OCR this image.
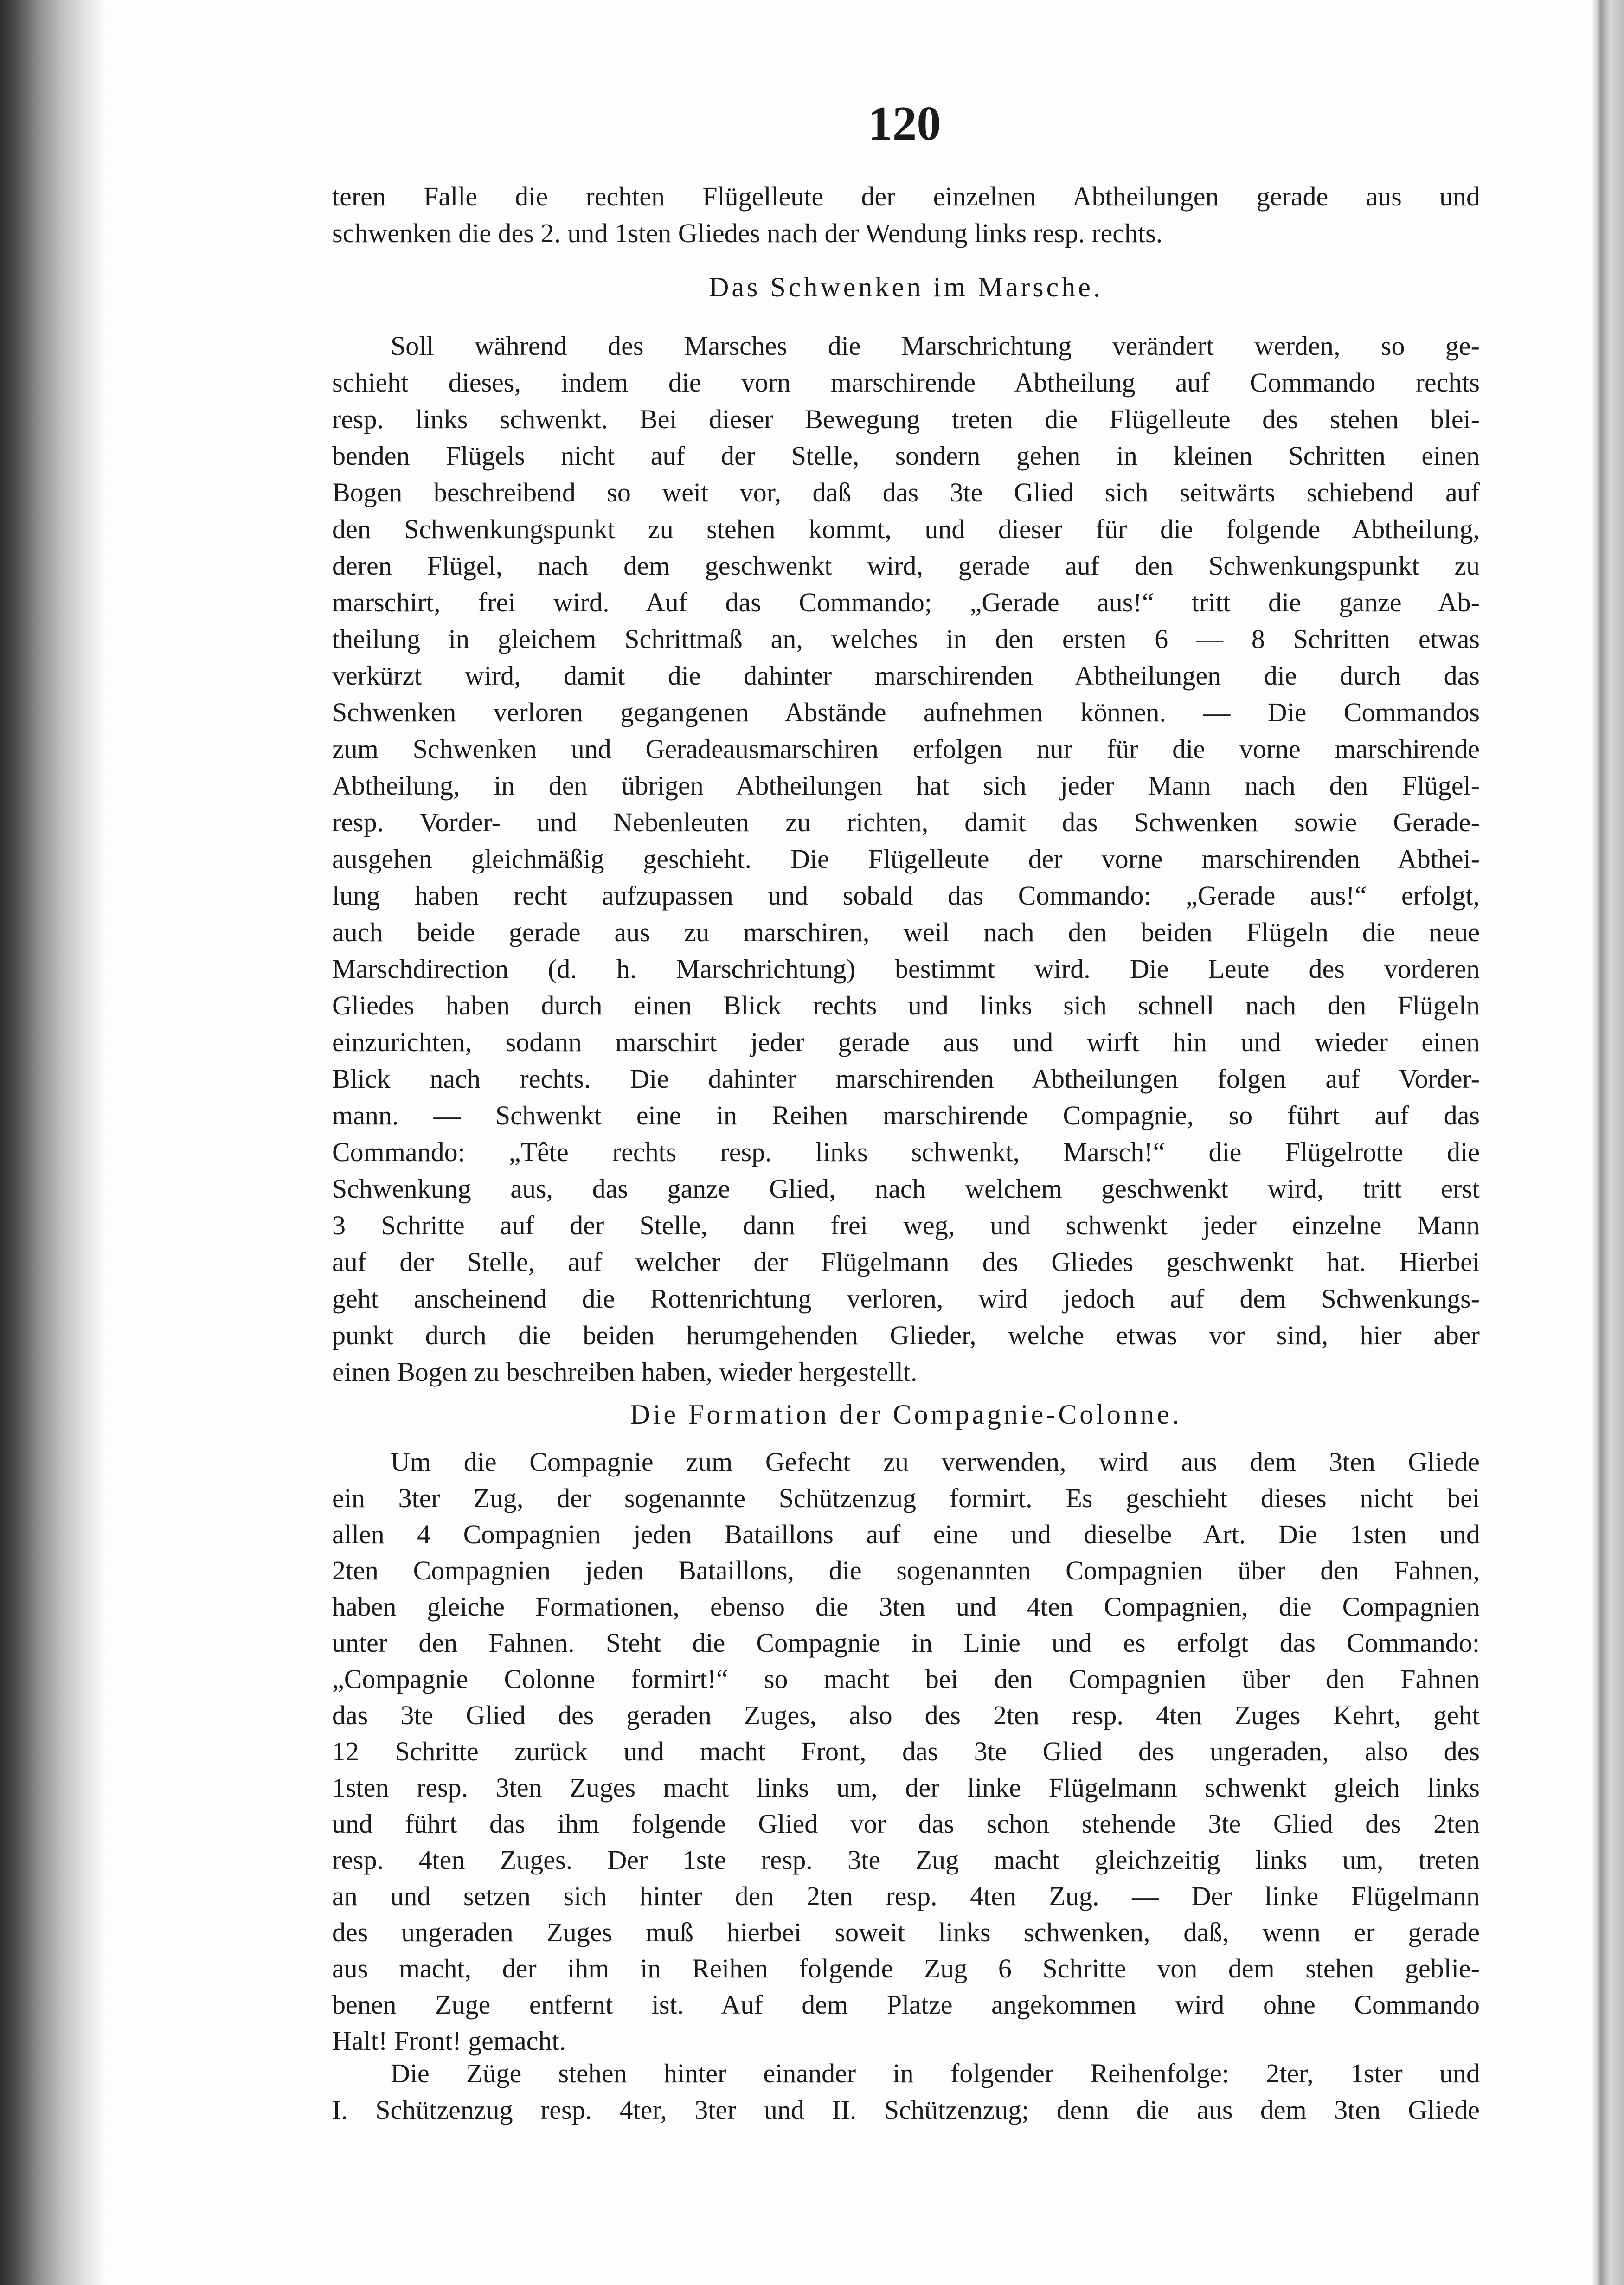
120
teren Falle die rechten Flügelleute der einzelnen Abtheilungen gerade aus und
schwenken die des 2. und 1sten Gliedes nach der Wendung links resp. rechts.
Das Schwenken im Marsche.
Soll während des Marsches die Marschrichtung verändert werden, so ge-
schieht dieses, indem die vorn marschirende Abtheilung auf Commando rechts
resp. links schwenkt. Bei dieser Bewegung treten die Flügelleute des stehen blei-
benden Flügels nicht auf der Stelle, sondern gehen in kleinen Schritten einen
Bogen beschreibend so weit vor, daß das 3te Glied sich seitwärts schiebend auf
den Schwenkungspunkt zu stehen kommt, und dieser für die folgende Abtheilung,
deren Flügel, nach dem geschwenkt wird, gerade auf den Schwenkungspunkt zu
marschirt, frei wird. Auf das Commando; „Gerade aus!“ tritt die ganze Ab-
theilung in gleichem Schrittmaß an, welches in den ersten 6 — 8 Schritten etwas
verkürzt wird, damit die dahinter marschirenden Abtheilungen die durch das
Schwenken verloren gegangenen Abstände aufnehmen können. — Die Commandos
zum Schwenken und Geradeausmarschiren erfolgen nur für die vorne marschirende
Abtheilung, in den übrigen Abtheilungen hat sich jeder Mann nach den Flügel-
resp. Vorder- und Nebenleuten zu richten, damit das Schwenken sowie Gerade-
ausgehen gleichmäßig geschieht. Die Flügelleute der vorne marschirenden Abthei-
lung haben recht aufzupassen und sobald das Commando: „Gerade aus!“ erfolgt,
auch beide gerade aus zu marschiren, weil nach den beiden Flügeln die neue
Marschdirection (d. h. Marschrichtung) bestimmt wird. Die Leute des vorderen
Gliedes haben durch einen Blick rechts und links sich schnell nach den Flügeln
einzurichten, sodann marschirt jeder gerade aus und wirft hin und wieder einen
Blick nach rechts. Die dahinter marschirenden Abtheilungen folgen auf Vorder-
mann. — Schwenkt eine in Reihen marschirende Compagnie, so führt auf das
Commando: „Tête rechts resp. links schwenkt, Marsch!“ die Flügelrotte die
Schwenkung aus, das ganze Glied, nach welchem geschwenkt wird, tritt erst
3 Schritte auf der Stelle, dann frei weg, und schwenkt jeder einzelne Mann
auf der Stelle, auf welcher der Flügelmann des Gliedes geschwenkt hat. Hierbei
geht anscheinend die Rottenrichtung verloren, wird jedoch auf dem Schwenkungs-
punkt durch die beiden herumgehenden Glieder, welche etwas vor sind, hier aber
einen Bogen zu beschreiben haben, wieder hergestellt.
Die Formation der Compagnie-Colonne.
Um die Compagnie zum Gefecht zu verwenden, wird aus dem 3ten Gliede
ein 3ter Zug, der sogenannte Schützenzug formirt. Es geschieht dieses nicht bei
allen 4 Compagnien jeden Bataillons auf eine und dieselbe Art. Die 1sten und
2ten Compagnien jeden Bataillons, die sogenannten Compagnien über den Fahnen,
haben gleiche Formationen, ebenso die 3ten und 4ten Compagnien, die Compagnien
unter den Fahnen. Steht die Compagnie in Linie und es erfolgt das Commando:
„Compagnie Colonne formirt!“ so macht bei den Compagnien über den Fahnen
das 3te Glied des geraden Zuges, also des 2ten resp. 4ten Zuges Kehrt, geht
12 Schritte zurück und macht Front, das 3te Glied des ungeraden, also des
1sten resp. 3ten Zuges macht links um, der linke Flügelmann schwenkt gleich links
und führt das ihm folgende Glied vor das schon stehende 3te Glied des 2ten
resp. 4ten Zuges. Der 1ste resp. 3te Zug macht gleichzeitig links um, treten
an und setzen sich hinter den 2ten resp. 4ten Zug. — Der linke Flügelmann
des ungeraden Zuges muß hierbei soweit links schwenken, daß, wenn er gerade
aus macht, der ihm in Reihen folgende Zug 6 Schritte von dem stehen geblie-
benen Zuge entfernt ist. Auf dem Platze angekommen wird ohne Commando
Halt! Front! gemacht.
Die Züge stehen hinter einander in folgender Reihenfolge: 2ter, 1ster und
I. Schützenzug resp. 4ter, 3ter und II. Schützenzug; denn die aus dem 3ten Gliede
